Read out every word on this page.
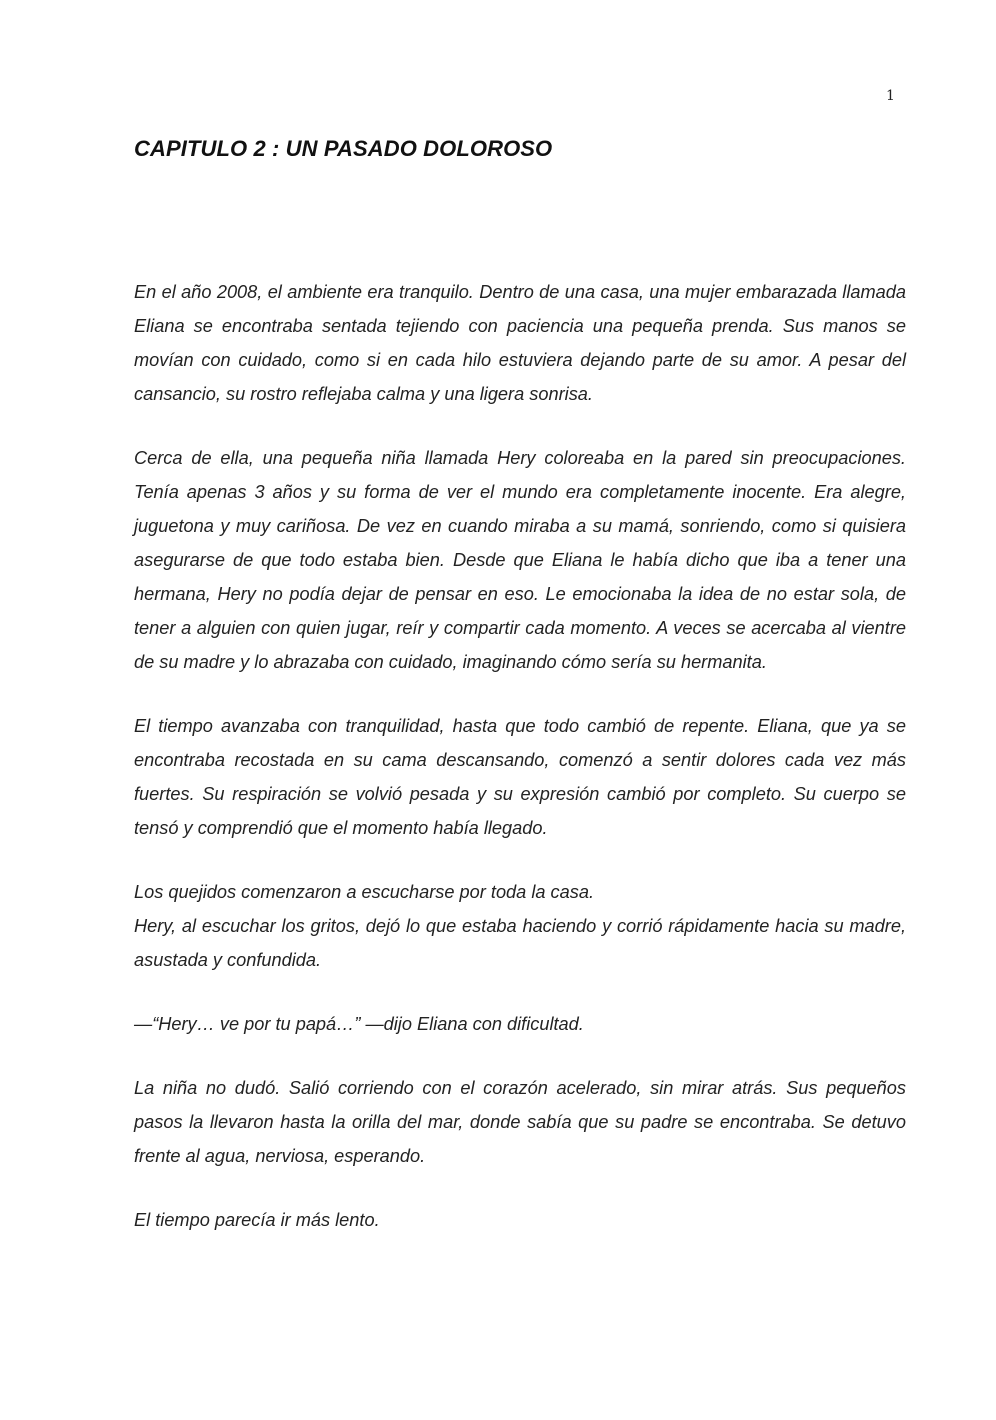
1
CAPITULO 2 : UN PASADO DOLOROSO

En el año 2008, el ambiente era tranquilo. Dentro de una casa, una mujer embarazada llamada Eliana se encontraba sentada tejiendo con paciencia una pequeña prenda. Sus manos se movían con cuidado, como si en cada hilo estuviera dejando parte de su amor. A pesar del cansancio, su rostro reflejaba calma y una ligera sonrisa.

Cerca de ella, una pequeña niña llamada Hery coloreaba en la pared sin preocupaciones. Tenía apenas 3 años y su forma de ver el mundo era completamente inocente. Era alegre, juguetona y muy cariñosa. De vez en cuando miraba a su mamá, sonriendo, como si quisiera asegurarse de que todo estaba bien. Desde que Eliana le había dicho que iba a tener una hermana, Hery no podía dejar de pensar en eso. Le emocionaba la idea de no estar sola, de tener a alguien con quien jugar, reír y compartir cada momento. A veces se acercaba al vientre de su madre y lo abrazaba con cuidado, imaginando cómo sería su hermanita.

El tiempo avanzaba con tranquilidad, hasta que todo cambió de repente. Eliana, que ya se encontraba recostada en su cama descansando, comenzó a sentir dolores cada vez más fuertes. Su respiración se volvió pesada y su expresión cambió por completo. Su cuerpo se tensó y comprendió que el momento había llegado.

Los quejidos comenzaron a escucharse por toda la casa.

Hery, al escuchar los gritos, dejó lo que estaba haciendo y corrió rápidamente hacia su madre, asustada y confundida.

—“Hery… ve por tu papá…” —dijo Eliana con dificultad.

La niña no dudó. Salió corriendo con el corazón acelerado, sin mirar atrás. Sus pequeños pasos la llevaron hasta la orilla del mar, donde sabía que su padre se encontraba. Se detuvo frente al agua, nerviosa, esperando.

El tiempo parecía ir más lento.
